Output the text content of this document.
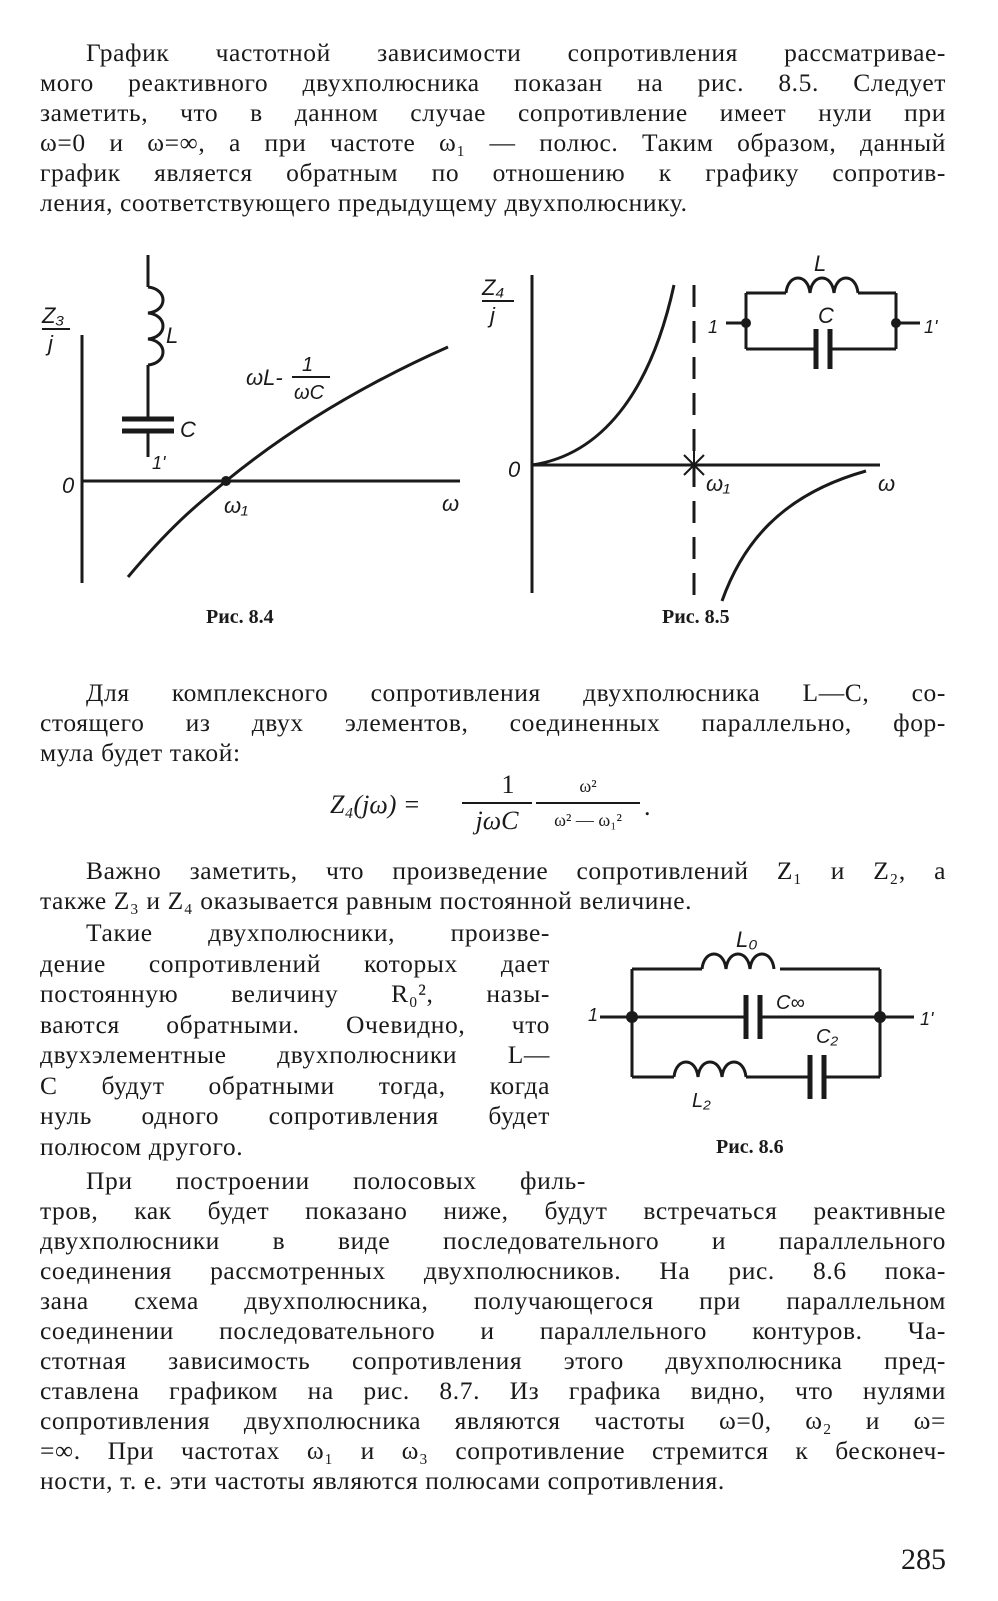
График частотной зависимости сопротивления рассматривае-
мого реактивного двухполюсника показан на рис. 8.5. Следует
заметить, что в данном случае сопротивление имеет нули при
ω=0 и ω=∞, а при частоте ω₁ — полюс. Таким образом, данный
график является обратным по отношению к графику сопротив-
ления, соответствующего предыдущему двухполюснику.
Z₃
j
0
ω
ω₁
L
C
1'
ωL- 1
ωC
Рис. 8.4
Z₄
j
0
ω
ω₁
L
C
1	1'
Рис. 8.5
Для комплексного сопротивления двухполюсника L—C, со-
стоящего из двух элементов, соединенных параллельно, фор-
мула будет такой:
Z₄(jω) =
1
jωC
ω²
ω² — ω₁² .
Важно заметить, что произведение сопротивлений Z₁ и Z₂, а
также Z₃ и Z₄ оказывается равным постоянной величине.
Такие двухполюсники, произве-
дение сопротивлений которых дает
постоянную величину R₀², назы-
ваются обратными. Очевидно, что
двухэлементные двухполюсники L—
C будут обратными тогда, когда
нуль одного сопротивления будет
полюсом другого.
L₀
C∞
C₂
L₂
1	1'
Рис. 8.6
При построении полосовых филь-
тров, как будет показано ниже, будут встречаться реактивные
двухполюсники в виде последовательного и параллельного
соединения рассмотренных двухполюсников. На рис. 8.6 пока-
зана схема двухполюсника, получающегося при параллельном
соединении последовательного и параллельного контуров. Ча-
стотная зависимость сопротивления этого двухполюсника пред-
ставлена графиком на рис. 8.7. Из графика видно, что нулями
сопротивления двухполюсника являются частоты ω=0, ω₂ и ω=
=∞. При частотах ω₁ и ω₃ сопротивление стремится к бесконеч-
ности, т. е. эти частоты являются полюсами сопротивления.
285
